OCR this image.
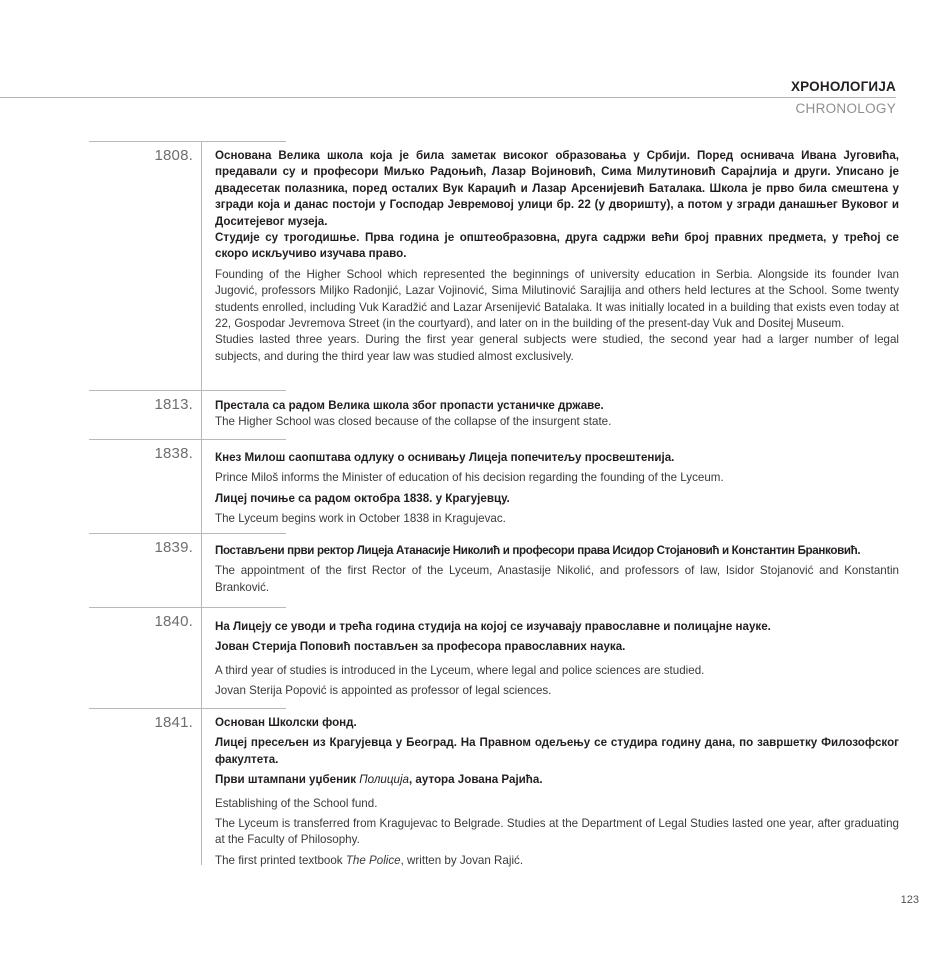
ХРОНОЛОГИЈА
CHRONOLOGY
1808. Основана Велика школа која је била заметак високог образовања у Србији. Поред оснивача Ивана Југовића, предавали су и професори Миљко Радоњић, Лазар Војиновић, Сима Милутиновић Сарајлија и други. Уписано је двадесетак полазника, поред осталих Вук Караџић и Лазар Арсенијевић Баталака. Школа је прво била смештена у згради која и данас постоји у Господар Јевремовој улици бр. 22 (у дворишту), а потом у згради данашњег Вуковог и Доситејевог музеја.

Студије су трогодишње. Прва година је општеобразовна, друга садржи већи број правних предмета, у трећој се скоро искључиво изучава право.

Founding of the Higher School which represented the beginnings of university education in Serbia. Alongside its founder Ivan Jugović, professors Miljko Radonjić, Lazar Vojinović, Sima Milutinović Sarajlija and others held lectures at the School. Some twenty students enrolled, including Vuk Karadžić and Lazar Arsenijević Batalaka. It was initially located in a building that exists even today at 22, Gospodar Jevremova Street (in the courtyard), and later on in the building of the present-day Vuk and Dositej Museum.

Studies lasted three years. During the first year general subjects were studied, the second year had a larger number of legal subjects, and during the third year law was studied almost exclusively.

1813. Престала са радом Велика школа због пропасти устаничке државе.

The Higher School was closed because of the collapse of the insurgent state.

1838. Кнез Милош саопштава одлуку о оснивању Лицеја попечитељу просвештенија.

Prince Miloš informs the Minister of education of his decision regarding the founding of the Lyceum.

Лицеј почиње са радом октобра 1838. у Крагујевцу.

The Lyceum begins work in October 1838 in Kragujevac.

1839. Постављени први ректор Лицеја Атанасије Николић и професори права Исидор Стојановић и Константин Бранковић.

The appointment of the first Rector of the Lyceum, Anastasije Nikolić, and professors of law, Isidor Stojanović and Konstantin Branković.

1840. На Лицеју се уводи и трећа година студија на којој се изучавају православне и полицајне науке.

Јован Стерија Поповић постављен за професора православних наука.

A third year of studies is introduced in the Lyceum, where legal and police sciences are studied.

Jovan Sterija Popović is appointed as professor of legal sciences.

1841. Основан Школски фонд.

Лицеј пресељен из Крагујевца у Београд. На Правном одељењу се студира годину дана, по завршетку Филозофског факултета.

Први штампани уџбеник Полиција, аутора Јована Рајића.

Establishing of the School fund.

The Lyceum is transferred from Kragujevac to Belgrade. Studies at the Department of Legal Studies lasted one year, after graduating at the Faculty of Philosophy.

The first printed textbook The Police, written by Jovan Rajić.

123
